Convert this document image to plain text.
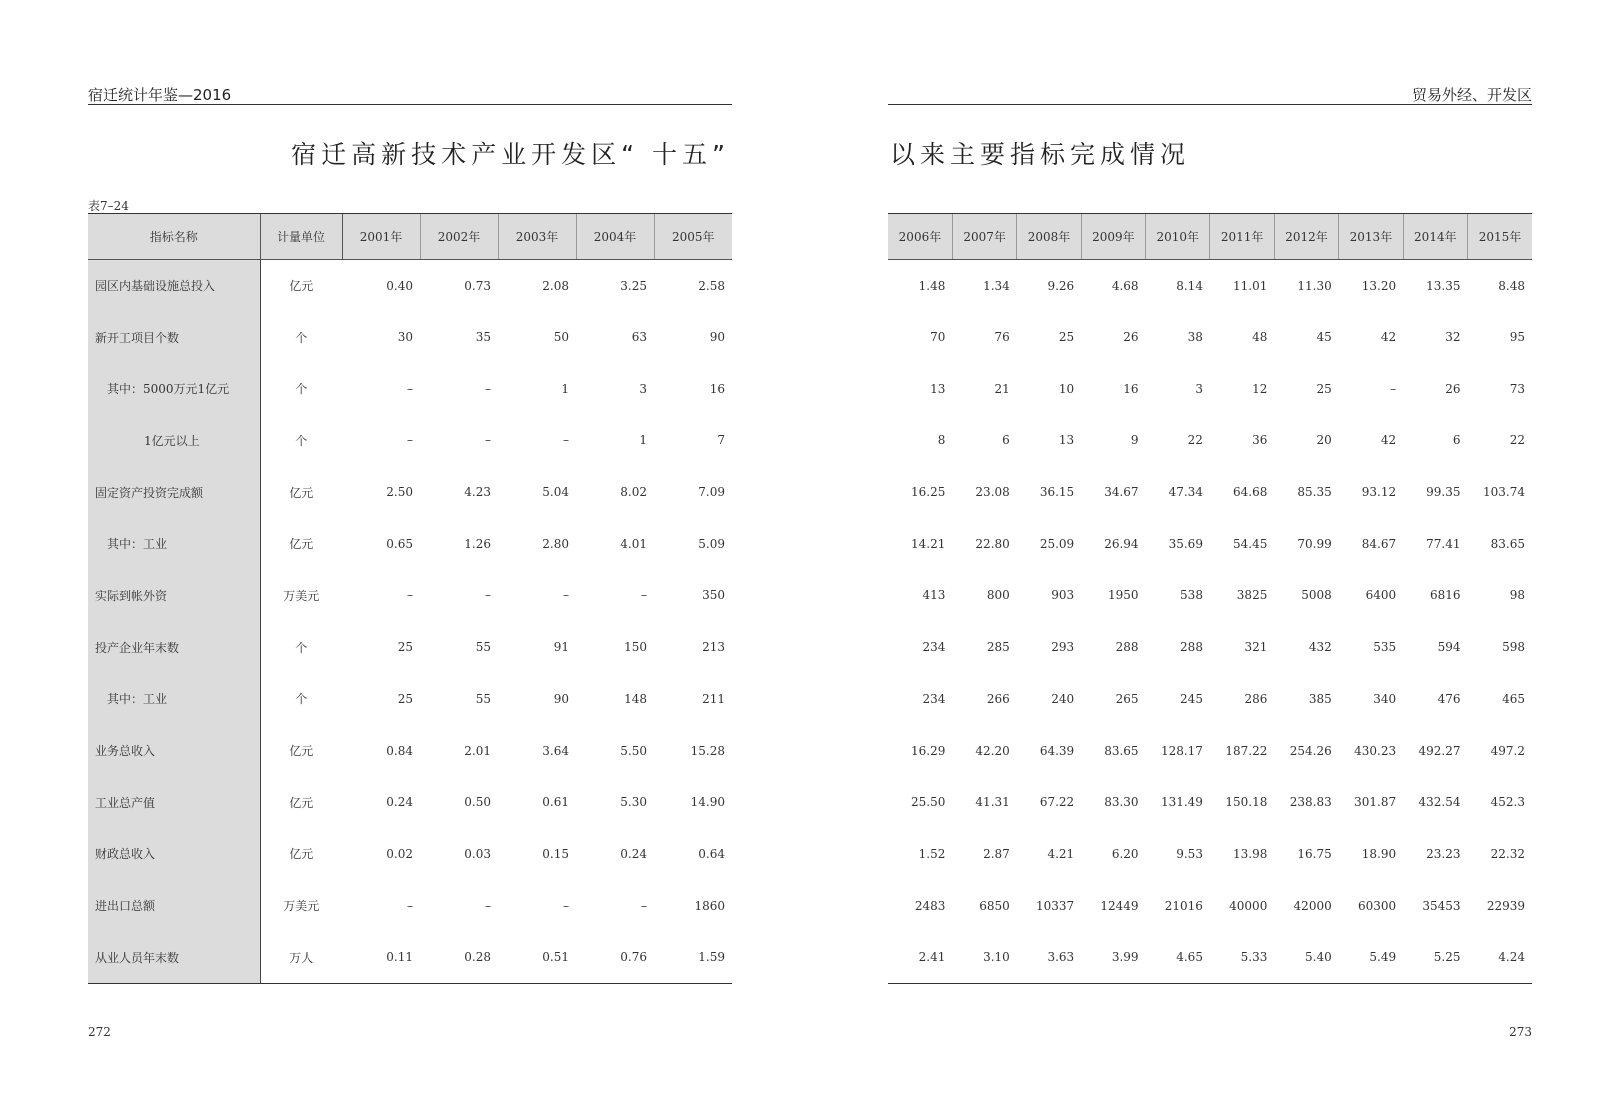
宿迁统计年鉴—2016	贸易外经、开发区
宿迁高新技术产业开发区“ 十五”	以来主要指标完成情况
表7–24
指标名称	计量单位	2001年	2002年	2003年	2004年	2005年
园区内基础设施总投入	亿元	0.40	0.73	2.08	3.25	2.58
新开工项目个数	个	30	35	50	63	90
其中：5000万元1亿元	个	–	–	1	3	16
1亿元以上	个	–	–	–	1	7
固定资产投资完成额	亿元	2.50	4.23	5.04	8.02	7.09
其中：工业	亿元	0.65	1.26	2.80	4.01	5.09
实际到帐外资	万美元	–	–	–	–	350
投产企业年末数	个	25	55	91	150	213
其中：工业	个	25	55	90	148	211
业务总收入	亿元	0.84	2.01	3.64	5.50	15.28
工业总产值	亿元	0.24	0.50	0.61	5.30	14.90
财政总收入	亿元	0.02	0.03	0.15	0.24	0.64
进出口总额	万美元	–	–	–	–	1860
从业人员年末数	万人	0.11	0.28	0.51	0.76	1.59
2006年	2007年	2008年	2009年	2010年	2011年	2012年	2013年	2014年	2015年
1.48	1.34	9.26	4.68	8.14	11.01	11.30	13.20	13.35	8.48
70	76	25	26	38	48	45	42	32	95
13	21	10	16	3	12	25	–	26	73
8	6	13	9	22	36	20	42	6	22
16.25	23.08	36.15	34.67	47.34	64.68	85.35	93.12	99.35	103.74
14.21	22.80	25.09	26.94	35.69	54.45	70.99	84.67	77.41	83.65
413	800	903	1950	538	3825	5008	6400	6816	98
234	285	293	288	288	321	432	535	594	598
234	266	240	265	245	286	385	340	476	465
16.29	42.20	64.39	83.65	128.17	187.22	254.26	430.23	492.27	497.2
25.50	41.31	67.22	83.30	131.49	150.18	238.83	301.87	432.54	452.3
1.52	2.87	4.21	6.20	9.53	13.98	16.75	18.90	23.23	22.32
2483	6850	10337	12449	21016	40000	42000	60300	35453	22939
2.41	3.10	3.63	3.99	4.65	5.33	5.40	5.49	5.25	4.24
272	273
